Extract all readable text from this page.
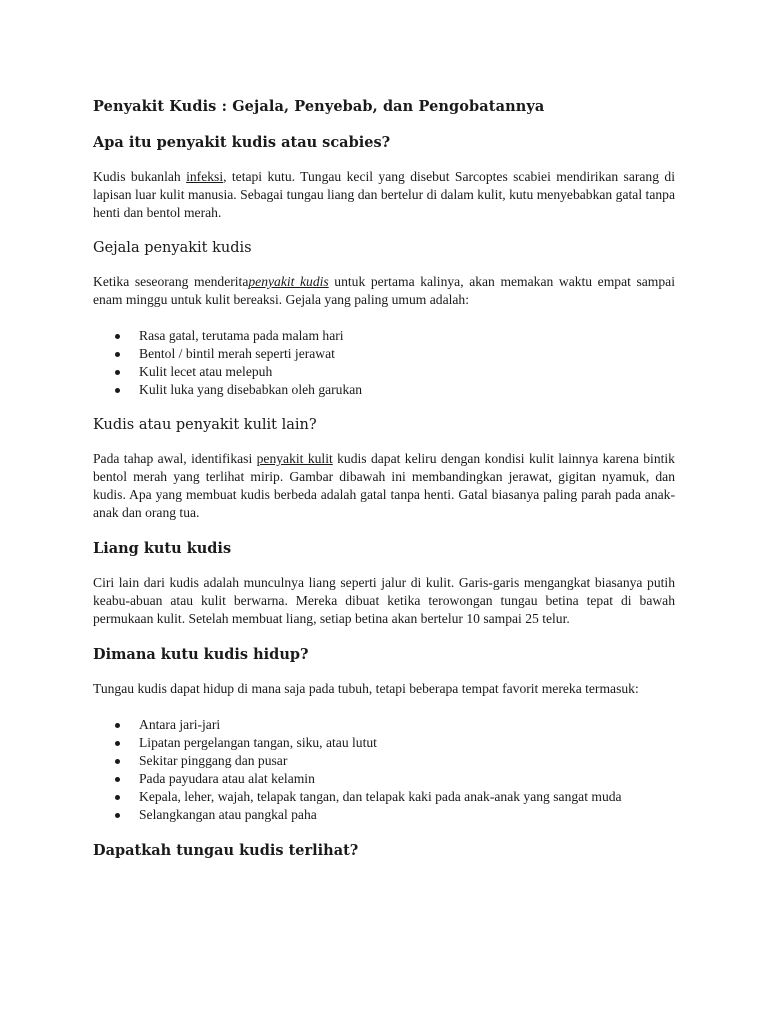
Penyakit Kudis : Gejala, Penyebab, dan Pengobatannya
Apa itu penyakit kudis atau scabies?

Kudis bukanlah infeksi, tetapi kutu. Tungau kecil yang disebut Sarcoptes scabiei mendirikan sarang di lapisan luar kulit manusia. Sebagai tungau liang dan bertelur di dalam kulit, kutu menyebabkan gatal tanpa henti dan bentol merah.

Gejala penyakit kudis

Ketika seseorang menderitapenyakit kudis untuk pertama kalinya, akan memakan waktu empat sampai enam minggu untuk kulit bereaksi. Gejala yang paling umum adalah:

Rasa gatal, terutama pada malam hari
Bentol / bintil merah seperti jerawat
Kulit lecet atau melepuh
Kulit luka yang disebabkan oleh garukan
Kudis atau penyakit kulit lain?

Pada tahap awal, identifikasi penyakit kulit kudis dapat keliru dengan kondisi kulit lainnya karena bintik bentol merah yang terlihat mirip. Gambar dibawah ini membandingkan jerawat, gigitan nyamuk, dan kudis. Apa yang membuat kudis berbeda adalah gatal tanpa henti. Gatal biasanya paling parah pada anak-anak dan orang tua.

Liang kutu kudis

Ciri lain dari kudis adalah munculnya liang seperti jalur di kulit. Garis-garis mengangkat biasanya putih keabu-abuan atau kulit berwarna. Mereka dibuat ketika terowongan tungau betina tepat di bawah permukaan kulit. Setelah membuat liang, setiap betina akan bertelur 10 sampai 25 telur.

Dimana kutu kudis hidup?

Tungau kudis dapat hidup di mana saja pada tubuh, tetapi beberapa tempat favorit mereka termasuk:

Antara jari-jari
Lipatan pergelangan tangan, siku, atau lutut
Sekitar pinggang dan pusar
Pada payudara atau alat kelamin
Kepala, leher, wajah, telapak tangan, dan telapak kaki pada anak-anak yang sangat muda
Selangkangan atau pangkal paha
Dapatkah tungau kudis terlihat?
